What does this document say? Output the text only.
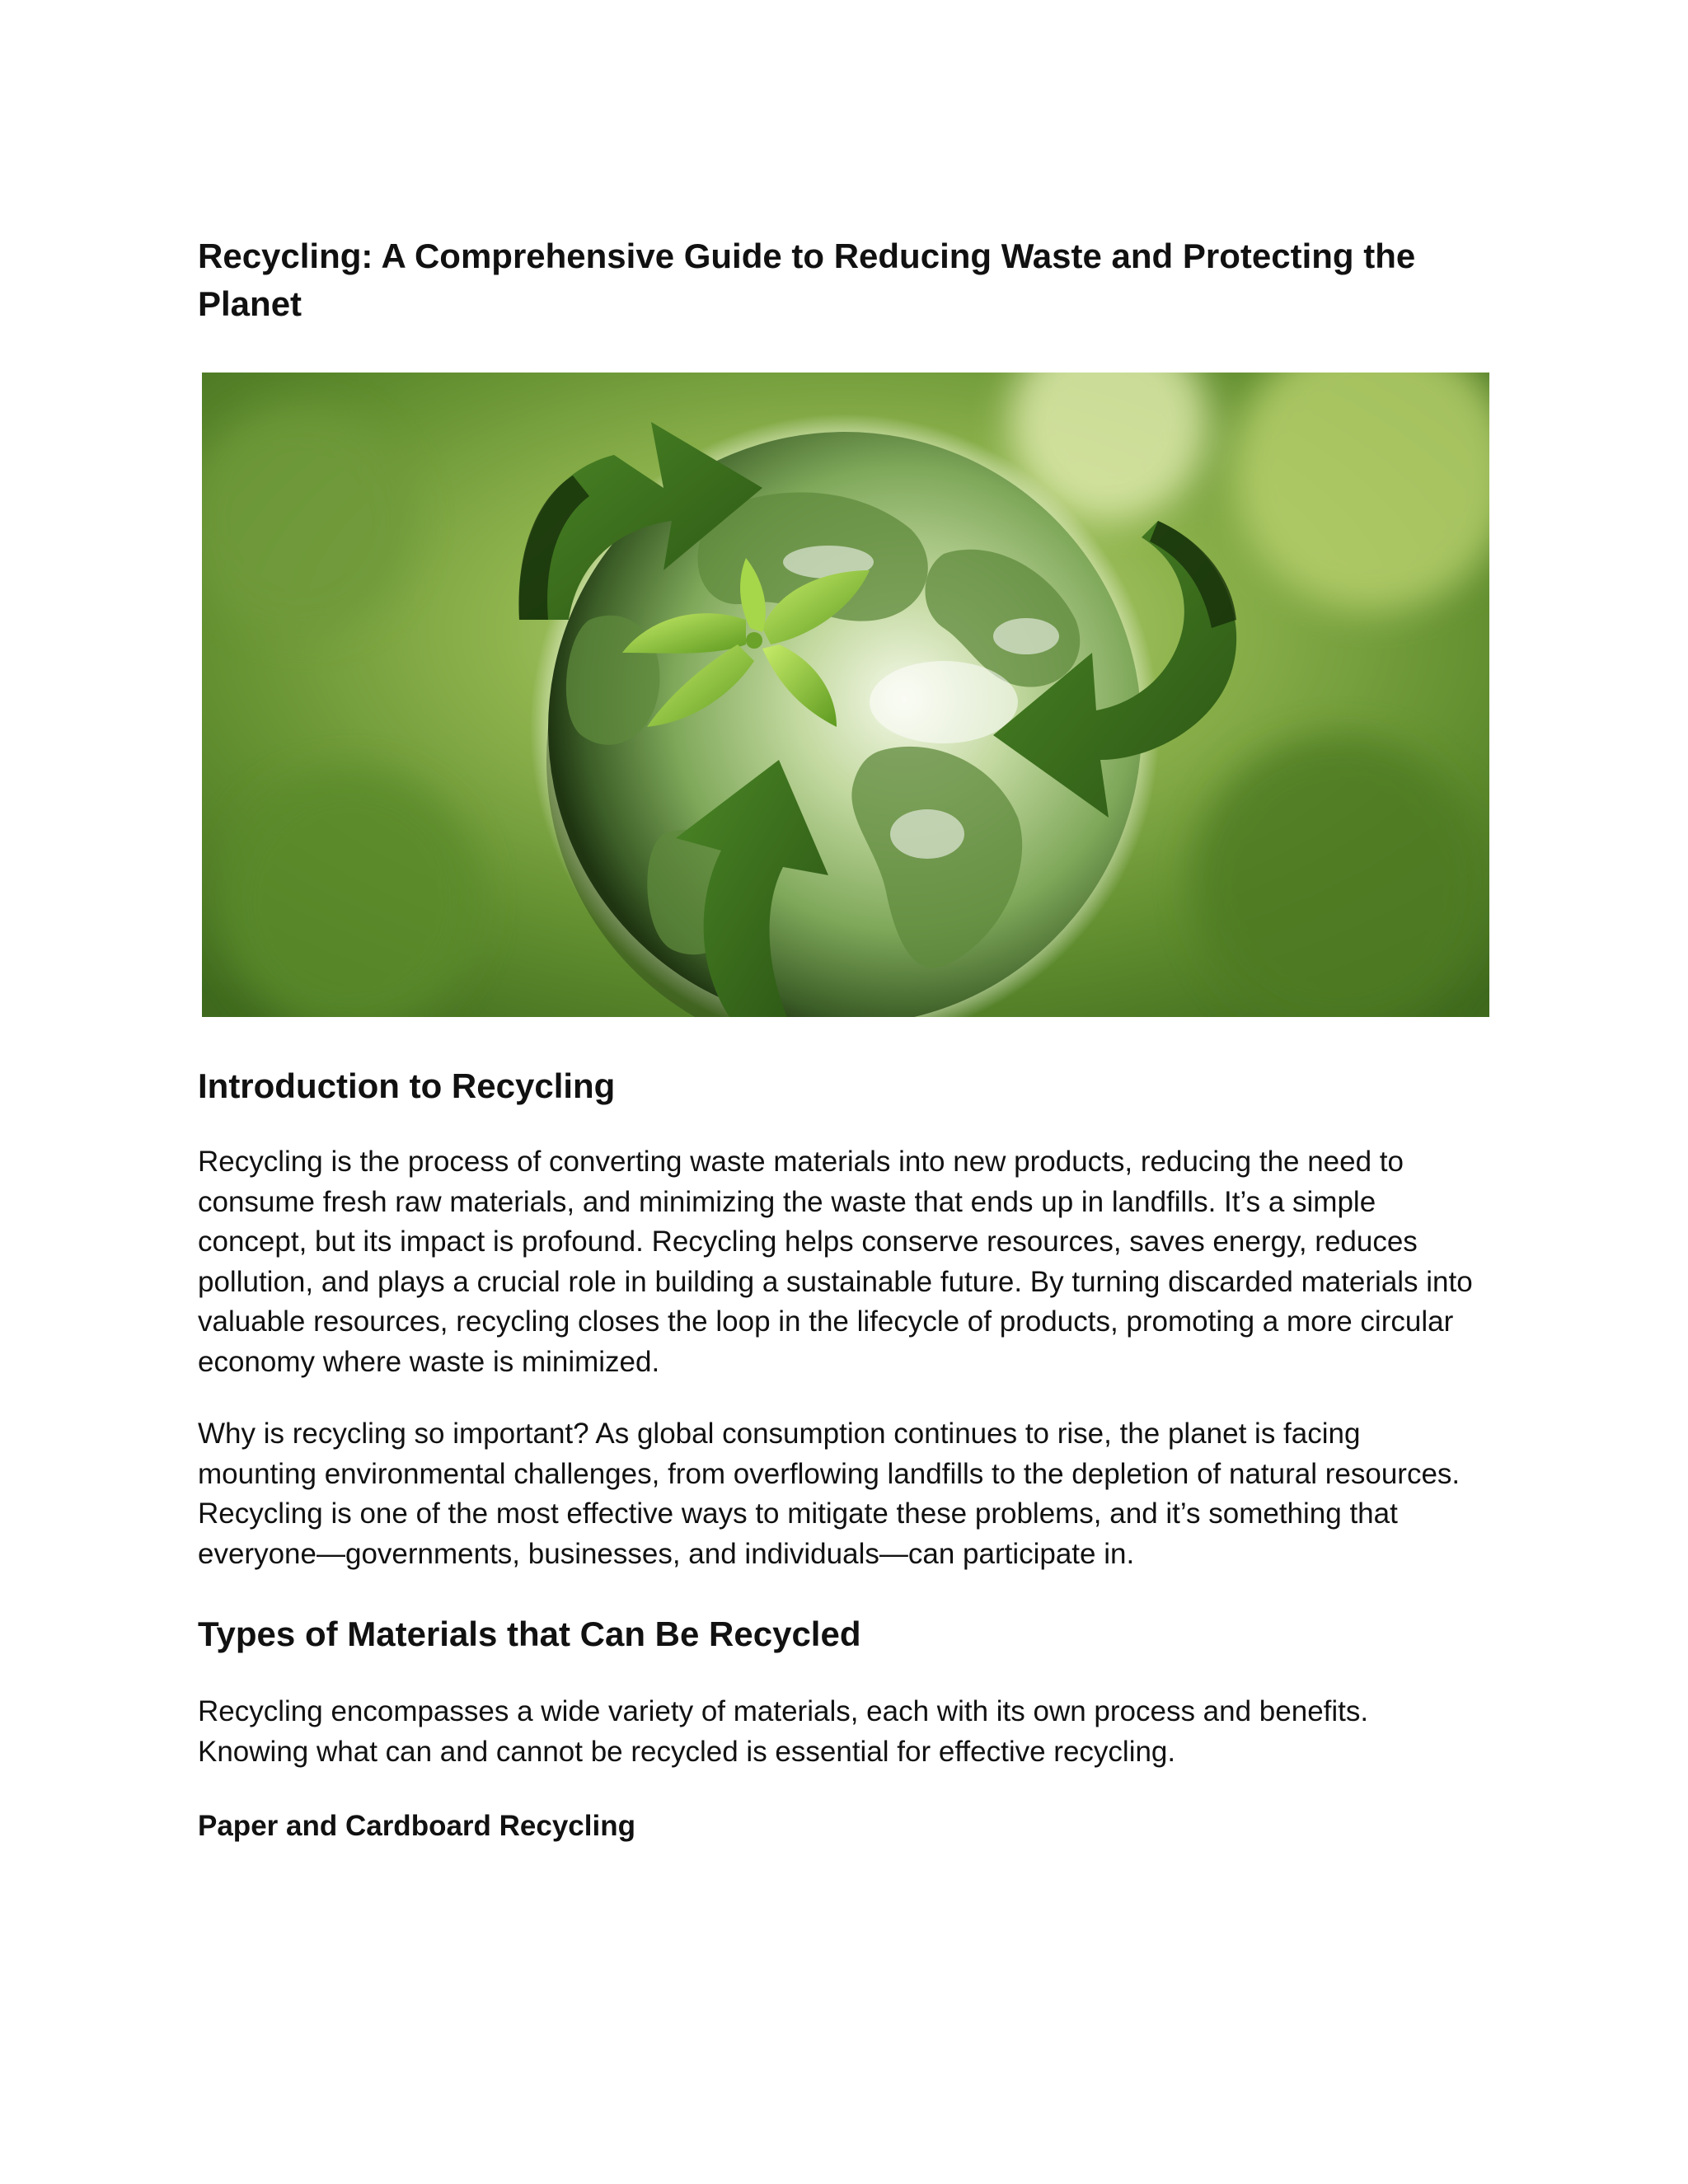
Recycling: A Comprehensive Guide to Reducing Waste and Protecting the Planet
Introduction to Recycling

Recycling is the process of converting waste materials into new products, reducing the need to consume fresh raw materials, and minimizing the waste that ends up in landfills. It’s a simple concept, but its impact is profound. Recycling helps conserve resources, saves energy, reduces pollution, and plays a crucial role in building a sustainable future. By turning discarded materials into valuable resources, recycling closes the loop in the lifecycle of products, promoting a more circular economy where waste is minimized.

Why is recycling so important? As global consumption continues to rise, the planet is facing mounting environmental challenges, from overflowing landfills to the depletion of natural resources. Recycling is one of the most effective ways to mitigate these problems, and it’s something that everyone—governments, businesses, and individuals—can participate in.

Types of Materials that Can Be Recycled

Recycling encompasses a wide variety of materials, each with its own process and benefits. Knowing what can and cannot be recycled is essential for effective recycling.

Paper and Cardboard Recycling
